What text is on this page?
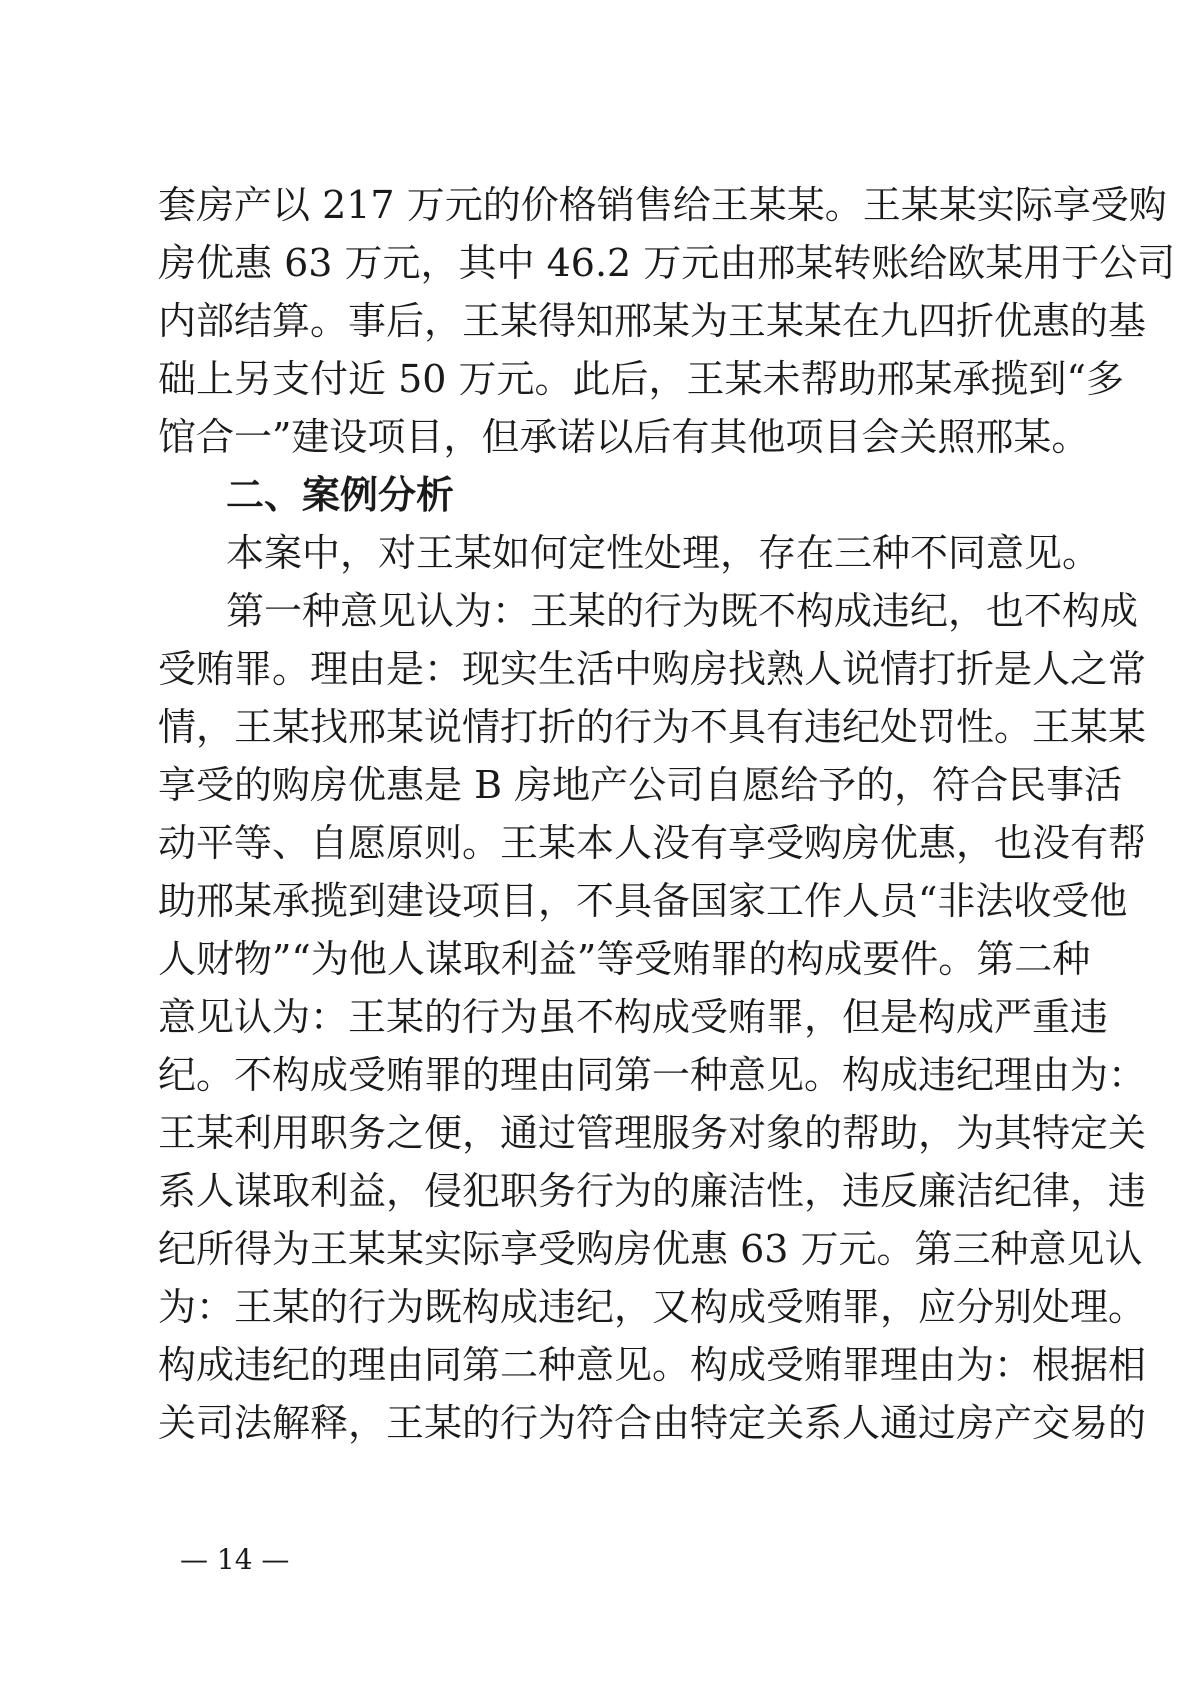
套房产以 217 万元的价格销售给王某某。王某某实际享受购
房优惠 63 万元，其中 46.2 万元由邢某转账给欧某用于公司
内部结算。事后，王某得知邢某为王某某在九四折优惠的基
础上另支付近 50 万元。此后，王某未帮助邢某承揽到“多
馆合一”建设项目，但承诺以后有其他项目会关照邢某。
二、案例分析
本案中，对王某如何定性处理，存在三种不同意见。
第一种意见认为：王某的行为既不构成违纪，也不构成
受贿罪。理由是：现实生活中购房找熟人说情打折是人之常
情，王某找邢某说情打折的行为不具有违纪处罚性。王某某
享受的购房优惠是 B 房地产公司自愿给予的，符合民事活
动平等、自愿原则。王某本人没有享受购房优惠，也没有帮
助邢某承揽到建设项目，不具备国家工作人员“非法收受他
人财物”“为他人谋取利益”等受贿罪的构成要件。第二种
意见认为：王某的行为虽不构成受贿罪，但是构成严重违
纪。不构成受贿罪的理由同第一种意见。构成违纪理由为：
王某利用职务之便，通过管理服务对象的帮助，为其特定关
系人谋取利益，侵犯职务行为的廉洁性，违反廉洁纪律，违
纪所得为王某某实际享受购房优惠 63 万元。第三种意见认
为：王某的行为既构成违纪，又构成受贿罪，应分别处理。
构成违纪的理由同第二种意见。构成受贿罪理由为：根据相
关司法解释，王某的行为符合由特定关系人通过房产交易的
— 14 —
